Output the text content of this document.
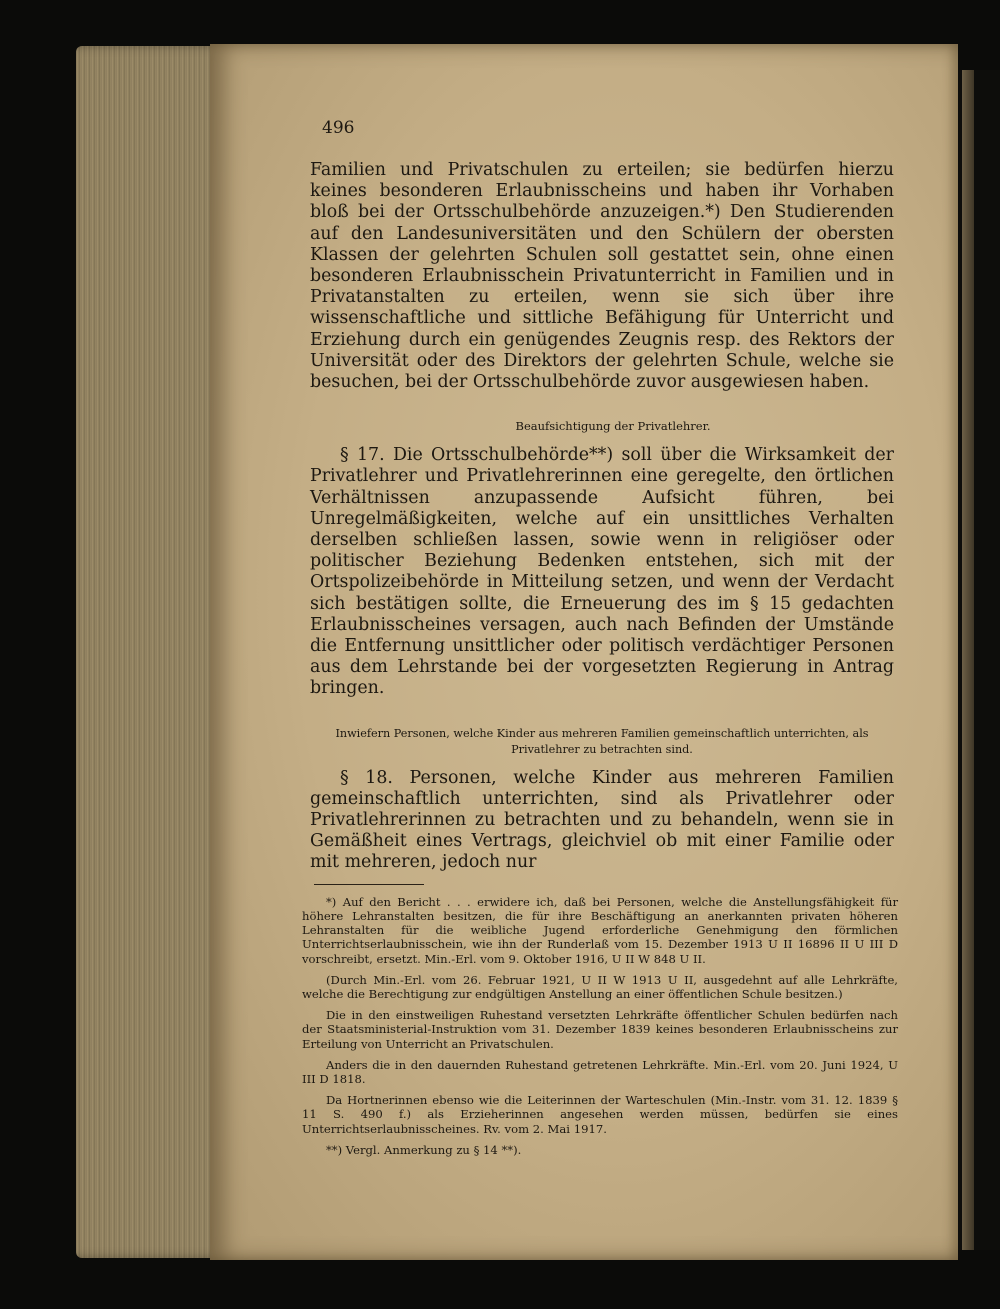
496

Familien und Privatschulen zu erteilen; sie bedürfen hierzu keines besonderen Erlaubnisscheins und haben ihr Vorhaben bloß bei der Ortsschulbehörde anzuzeigen.*) Den Studierenden auf den Landesuniversitäten und den Schülern der obersten Klassen der gelehrten Schulen soll gestattet sein, ohne einen besonderen Erlaubnisschein Privatunterricht in Familien und in Privatanstalten zu erteilen, wenn sie sich über ihre wissenschaftliche und sittliche Befähigung für Unterricht und Erziehung durch ein genügendes Zeugnis resp. des Rektors der Universität oder des Direktors der gelehrten Schule, welche sie besuchen, bei der Ortsschulbehörde zuvor ausgewiesen haben.

Beaufsichtigung der Privatlehrer.

§ 17. Die Ortsschulbehörde**) soll über die Wirksamkeit der Privatlehrer und Privatlehrerinnen eine geregelte, den örtlichen Verhältnissen anzupassende Aufsicht führen, bei Unregelmäßigkeiten, welche auf ein unsittliches Verhalten derselben schließen lassen, sowie wenn in religiöser oder politischer Beziehung Bedenken entstehen, sich mit der Ortspolizeibehörde in Mitteilung setzen, und wenn der Verdacht sich bestätigen sollte, die Erneuerung des im § 15 gedachten Erlaubnisscheines versagen, auch nach Befinden der Umstände die Entfernung unsittlicher oder politisch verdächtiger Personen aus dem Lehrstande bei der vorgesetzten Regierung in Antrag bringen.

Inwiefern Personen, welche Kinder aus mehreren Familien gemeinschaftlich unterrichten, als Privatlehrer zu betrachten sind.

§ 18. Personen, welche Kinder aus mehreren Familien gemeinschaftlich unterrichten, sind als Privatlehrer oder Privatlehrerinnen zu betrachten und zu behandeln, wenn sie in Gemäßheit eines Vertrags, gleichviel ob mit einer Familie oder mit mehreren, jedoch nur

*) Auf den Bericht . . . erwidere ich, daß bei Personen, welche die Anstellungsfähigkeit für höhere Lehranstalten besitzen, die für ihre Beschäftigung an anerkannten privaten höheren Lehranstalten für die weibliche Jugend erforderliche Genehmigung den förmlichen Unterrichtserlaubnisschein, wie ihn der Runderlaß vom 15. Dezember 1913 U II 16896 II U III D vorschreibt, ersetzt. Min.-Erl. vom 9. Oktober 1916, U II W 848 U II.

(Durch Min.-Erl. vom 26. Februar 1921, U II W 1913 U II, ausgedehnt auf alle Lehrkräfte, welche die Berechtigung zur endgültigen Anstellung an einer öffentlichen Schule besitzen.)

Die in den einstweiligen Ruhestand versetzten Lehrkräfte öffentlicher Schulen bedürfen nach der Staatsministerial-Instruktion vom 31. Dezember 1839 keines besonderen Erlaubnisscheins zur Erteilung von Unterricht an Privatschulen.

Anders die in den dauernden Ruhestand getretenen Lehrkräfte. Min.-Erl. vom 20. Juni 1924, U III D 1818.

Da Hortnerinnen ebenso wie die Leiterinnen der Warteschulen (Min.-Instr. vom 31. 12. 1839 § 11 S. 490 f.) als Erzieherinnen angesehen werden müssen, bedürfen sie eines Unterrichtserlaubnisscheines. Rv. vom 2. Mai 1917.

**) Vergl. Anmerkung zu § 14 **).
